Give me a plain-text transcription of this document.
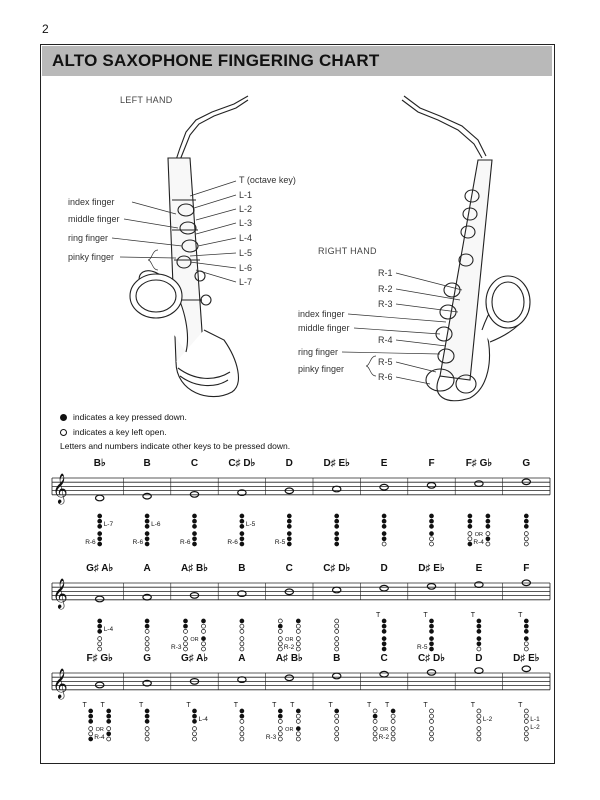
2
ALTO SAXOPHONE FINGERING CHART
LEFT HAND
index finger
middle finger
ring finger
pinky finger
T (octave key)
L-1
L-2
L-3
L-4
L-5
L-6
L-7
RIGHT HAND
R-1
R-2
R-3
index finger
middle finger
R-4
ring finger
pinky finger
R-5
R-6
indicates a key pressed down.
indicates a key left open.
Letters and numbers indicate other keys to be pressed down.
𝄞
B♭
R-6
L-7
B
R-6
L-6
C
R-6
C♯ D♭
R-6
L-5
D
R-5
D♯ E♭	E	F	F♯ G♭
R-4
OR
G
𝄞
G♯ A♭
L-4
A	A♯ B♭
R-3
OR
B	C
R-2
OR
C♯ D♭	D
T
D♯ E♭
T
R-5
E
T
F
T
𝄞
F♯ G♭
T T
R-4
OR
G
T
G♯ A♭
T
L-4
A
T
A♯ B♭
T
R-3
T
OR
B
T
C
T T
R-2
OR
C♯ D♭
T
D
T
L-2
D♯ E♭
T
L-1
L-2
